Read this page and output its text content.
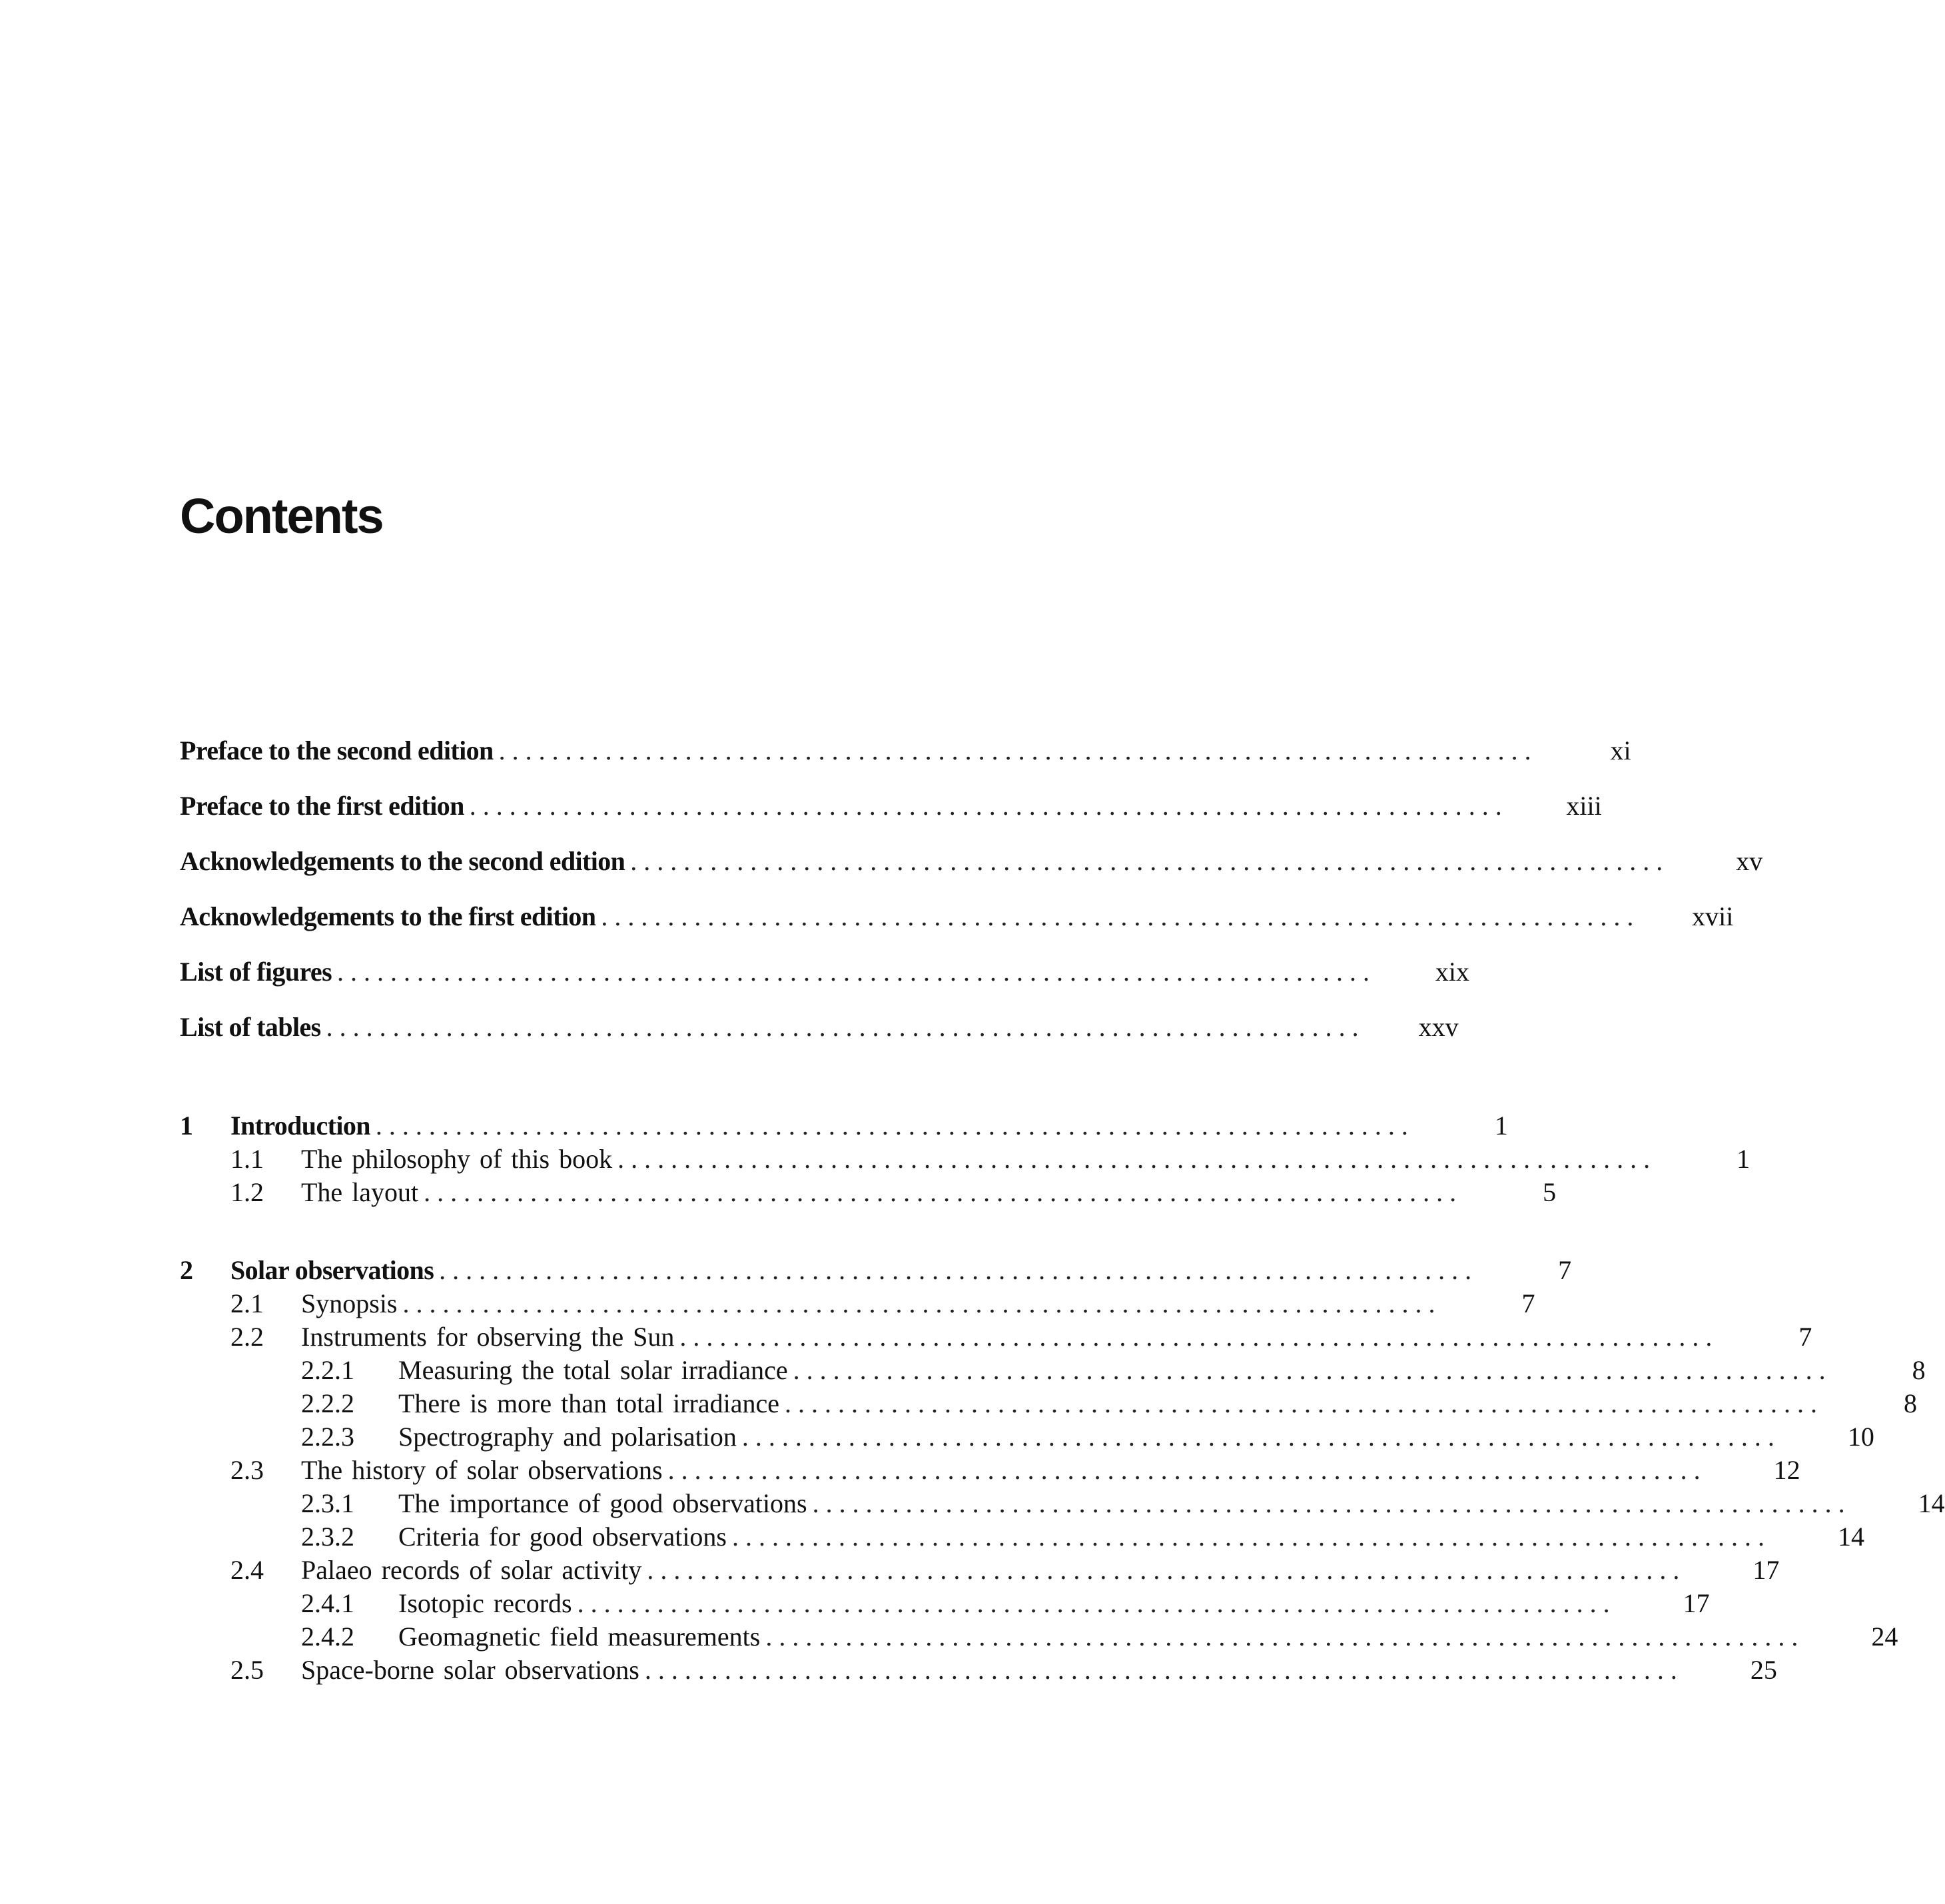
Contents
Preface to the second edition ..............................................................................	xi
Preface to the first edition ..............................................................................	xiii
Acknowledgements to the second edition ..............................................................................	xv
Acknowledgements to the first edition ..............................................................................	xvii
List of figures ..............................................................................	xix
List of tables ..............................................................................	xxv
1	Introduction ..............................................................................	1
1.1	The philosophy of this book ..............................................................................	1
1.2	The layout ..............................................................................	5
2	Solar observations ..............................................................................	7
2.1	Synopsis ..............................................................................	7
2.2	Instruments for observing the Sun ..............................................................................	7
2.2.1	Measuring the total solar irradiance ..............................................................................	8
2.2.2	There is more than total irradiance ..............................................................................	8
2.2.3	Spectrography and polarisation ..............................................................................	10
2.3	The history of solar observations ..............................................................................	12
2.3.1	The importance of good observations ..............................................................................	14
2.3.2	Criteria for good observations ..............................................................................	14
2.4	Palaeo records of solar activity ..............................................................................	17
2.4.1	Isotopic records ..............................................................................	17
2.4.2	Geomagnetic field measurements ..............................................................................	24
2.5	Space-borne solar observations ..............................................................................	25
